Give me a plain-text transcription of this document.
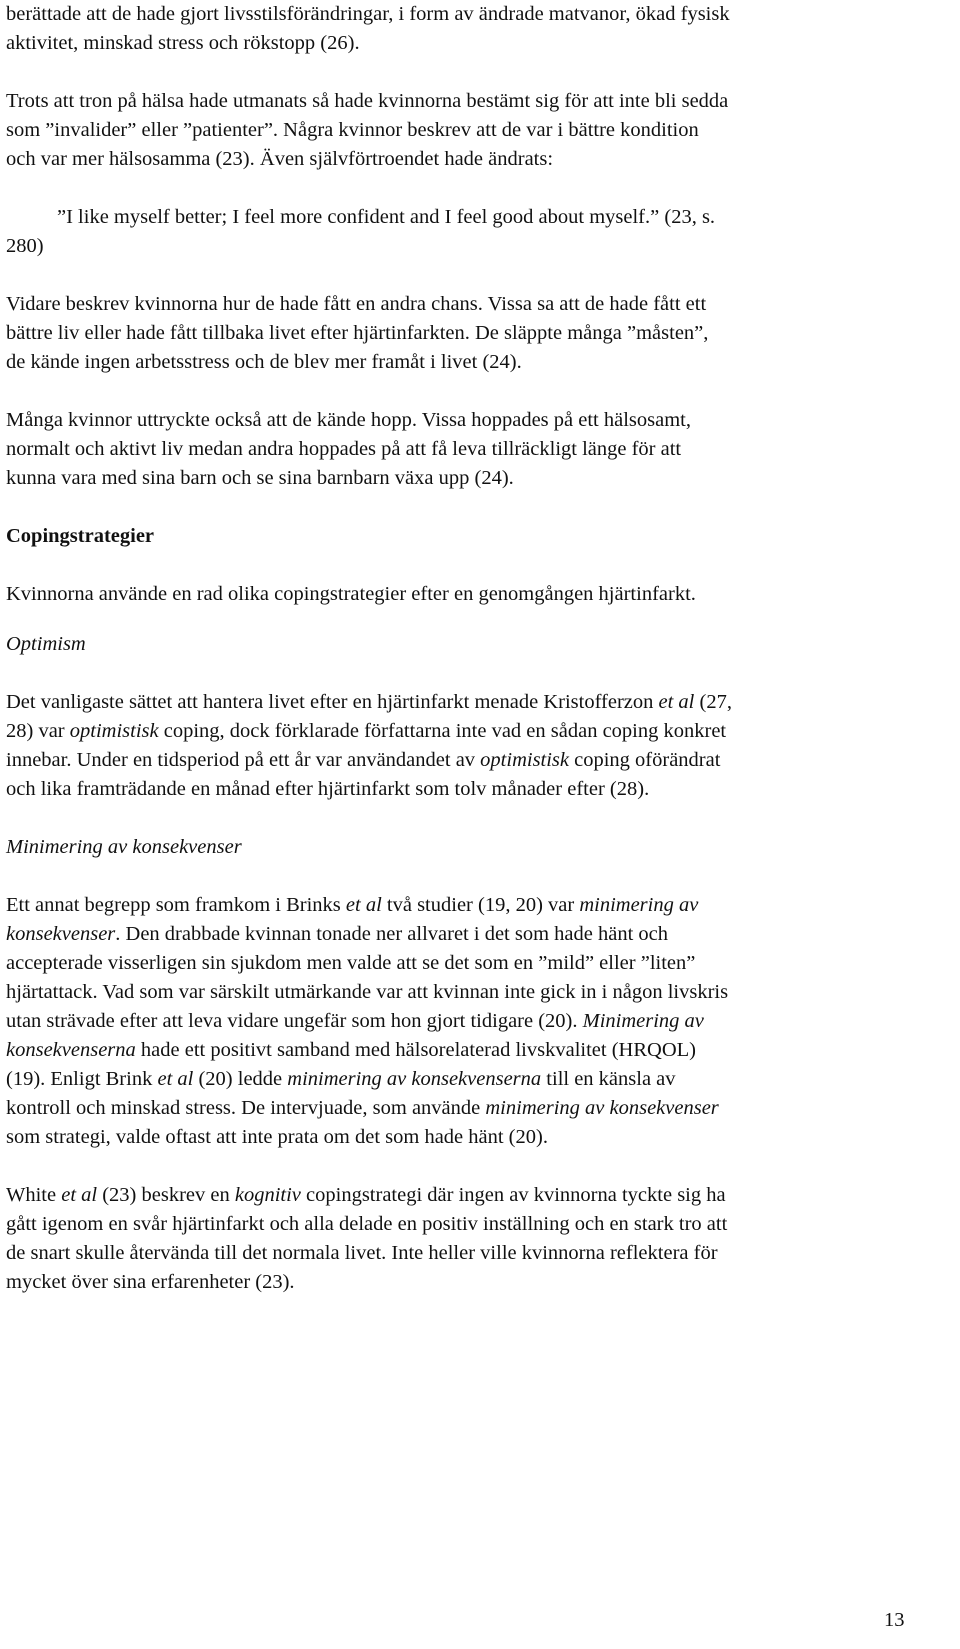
berättade att de hade gjort livsstilsförändringar, i form av ändrade matvanor, ökad fysisk
aktivitet, minskad stress och rökstopp (26).
Trots att tron på hälsa hade utmanats så hade kvinnorna bestämt sig för att inte bli sedda
som ”invalider” eller ”patienter”. Några kvinnor beskrev att de var i bättre kondition
och var mer hälsosamma (23). Även självförtroendet hade ändrats:
”I like myself better; I feel more confident and I feel good about myself.” (23, s.
280)
Vidare beskrev kvinnorna hur de hade fått en andra chans. Vissa sa att de hade fått ett
bättre liv eller hade fått tillbaka livet efter hjärtinfarkten. De släppte många ”måsten”,
de kände ingen arbetsstress och de blev mer framåt i livet (24).
Många kvinnor uttryckte också att de kände hopp. Vissa hoppades på ett hälsosamt,
normalt och aktivt liv medan andra hoppades på att få leva tillräckligt länge för att
kunna vara med sina barn och se sina barnbarn växa upp (24).
Copingstrategier
Kvinnorna använde en rad olika copingstrategier efter en genomgången hjärtinfarkt.
Optimism
Det vanligaste sättet att hantera livet efter en hjärtinfarkt menade Kristofferzon et al (27,
28) var optimistisk coping, dock förklarade författarna inte vad en sådan coping konkret
innebar. Under en tidsperiod på ett år var användandet av optimistisk coping oförändrat
och lika framträdande en månad efter hjärtinfarkt som tolv månader efter (28).
Minimering av konsekvenser
Ett annat begrepp som framkom i Brinks et al två studier (19, 20) var minimering av
konsekvenser. Den drabbade kvinnan tonade ner allvaret i det som hade hänt och
accepterade visserligen sin sjukdom men valde att se det som en ”mild” eller ”liten”
hjärtattack. Vad som var särskilt utmärkande var att kvinnan inte gick in i någon livskris
utan strävade efter att leva vidare ungefär som hon gjort tidigare (20). Minimering av
konsekvenserna hade ett positivt samband med hälsorelaterad livskvalitet (HRQOL)
(19). Enligt Brink et al (20) ledde minimering av konsekvenserna till en känsla av
kontroll och minskad stress. De intervjuade, som använde minimering av konsekvenser
som strategi, valde oftast att inte prata om det som hade hänt (20).
White et al (23) beskrev en kognitiv copingstrategi där ingen av kvinnorna tyckte sig ha
gått igenom en svår hjärtinfarkt och alla delade en positiv inställning och en stark tro att
de snart skulle återvända till det normala livet. Inte heller ville kvinnorna reflektera för
mycket över sina erfarenheter (23).
13
